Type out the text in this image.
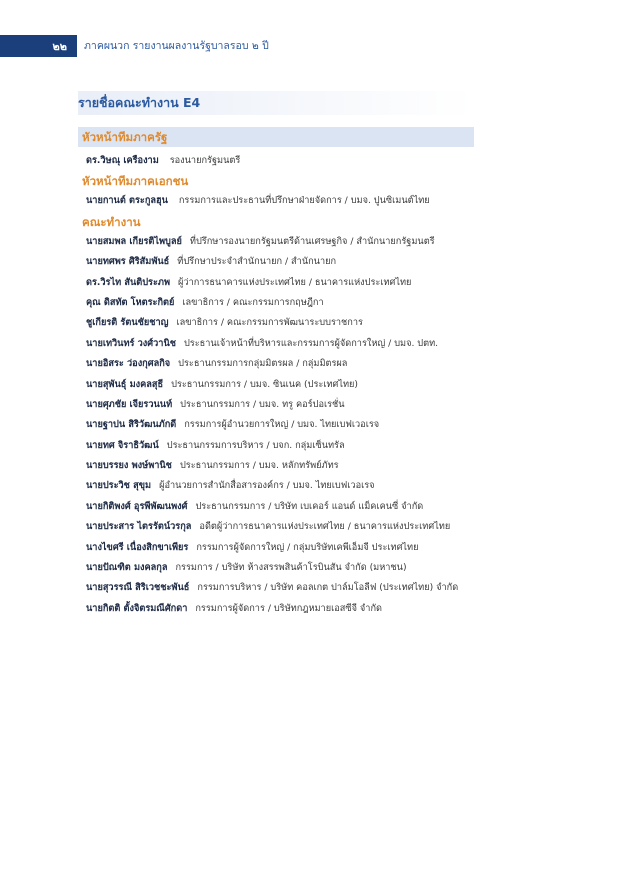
๒๒	ภาคผนวก รายงานผลงานรัฐบาลรอบ ๒ ปี
รายชื่อคณะทำงาน E4
หัวหน้าทีมภาครัฐ
ดร.วิษณุ เครืองาม รองนายกรัฐมนตรี
หัวหน้าทีมภาคเอกชน
นายกานต์ ตระกูลฮุน กรรมการและประธานที่ปรึกษาฝ่ายจัดการ / บมจ. ปูนซิเมนต์ไทย
คณะทำงาน
นายสมพล เกียรติไพบูลย์ ที่ปรึกษารองนายกรัฐมนตรีด้านเศรษฐกิจ / สำนักนายกรัฐมนตรี
นายทศพร ศิริสัมพันธ์ ที่ปรึกษาประจำสำนักนายก / สำนักนายก
ดร.วิรไท สันติประภพ ผู้ว่าการธนาคารแห่งประเทศไทย / ธนาคารแห่งประเทศไทย
คุณ ดิสทัต โหตระกิตย์ เลขาธิการ / คณะกรรมการกฤษฎีกา
ชูเกียรติ รัตนชัยชาญ เลขาธิการ / คณะกรรมการพัฒนาระบบราชการ
นายเทวินทร์ วงศ์วานิช ประธานเจ้าหน้าที่บริหารและกรรมการผู้จัดการใหญ่ / บมจ. ปตท.
นายอิสระ ว่องกุศลกิจ ประธานกรรมการกลุ่มมิตรผล / กลุ่มมิตรผล
นายสุพันธุ์ มงคลสุธี ประธานกรรมการ / บมจ. ซินเนค (ประเทศไทย)
นายศุภชัย เจียรวนนท์ ประธานกรรมการ / บมจ. ทรู คอร์ปอเรชั่น
นายฐาปน สิริวัฒนภักดี กรรมการผู้อำนวยการใหญ่ / บมจ. ไทยเบฟเวอเรจ
นายทศ จิราธิวัฒน์ ประธานกรรมการบริหาร / บจก. กลุ่มเซ็นทรัล
นายบรรยง พงษ์พานิช ประธานกรรมการ / บมจ. หลักทรัพย์ภัทร
นายประวิช สุขุม ผู้อำนวยการสำนักสื่อสารองค์กร / บมจ. ไทยเบฟเวอเรจ
นายกิติพงศ์ อุรพีพัฒนพงศ์ ประธานกรรมการ / บริษัท เบเคอร์ แอนด์ แม็คเคนซี่ จำกัด
นายประสาร ไตรรัตน์วรกุล อดีตผู้ว่าการธนาคารแห่งประเทศไทย / ธนาคารแห่งประเทศไทย
นางไขศรี เนื่องสิกขาเพียร กรรมการผู้จัดการใหญ่ / กลุ่มบริษัทเคพีเอ็มจี ประเทศไทย
นายปัณฑิต มงคลกุล กรรมการ / บริษัท ห้างสรรพสินค้าโรบินสัน จำกัด (มหาชน)
นายสุวรรณี สิริเวชชะพันธ์ กรรมการบริหาร / บริษัท คอลเกต ปาล์มโอลีฟ (ประเทศไทย) จำกัด
นายกิตติ ตั้งจิตรมณีศักดา กรรมการผู้จัดการ / บริษัทกฎหมายเอสซีจี จำกัด
